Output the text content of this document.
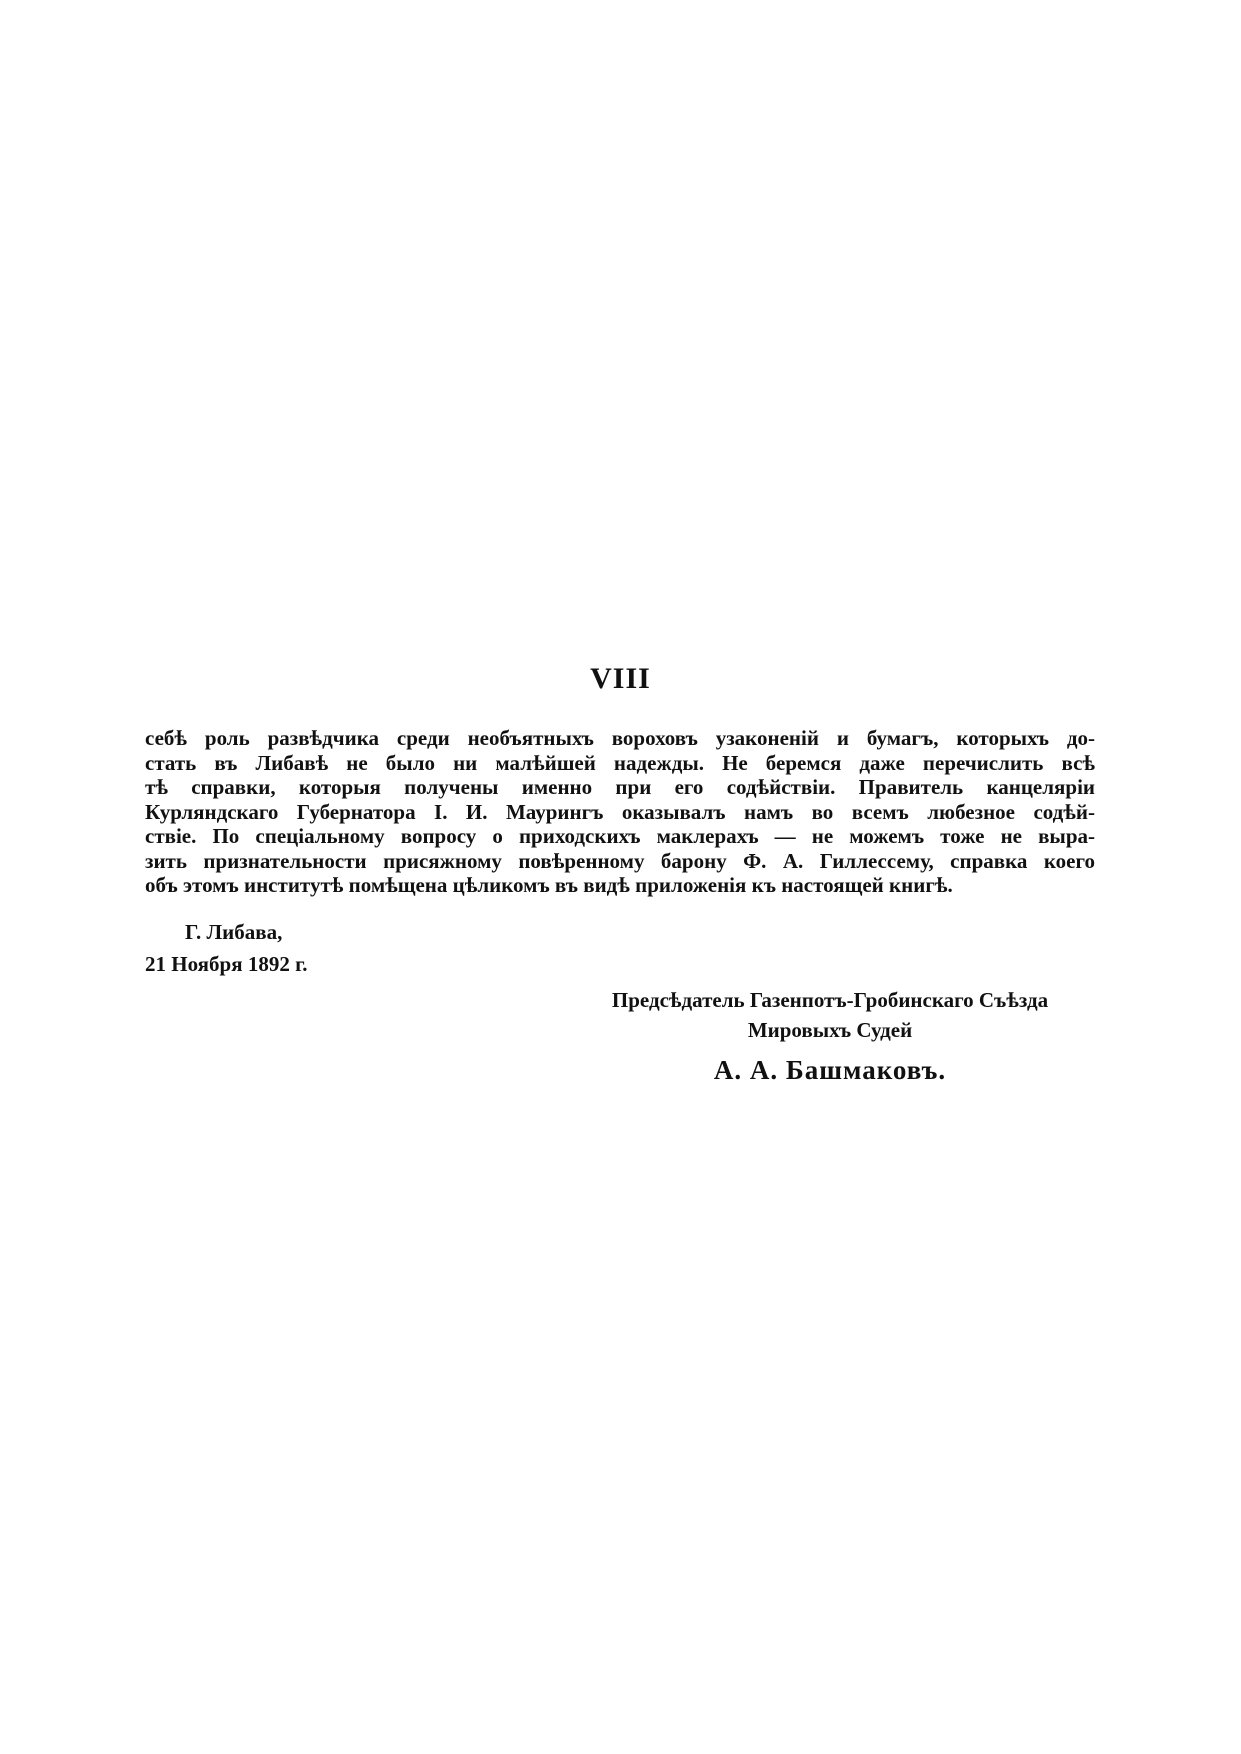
VIII
себѣ роль развѣдчика среди необъятныхъ вороховъ узаконеній и бумагъ, которыхъ до-
стать въ Либавѣ не было ни малѣйшей надежды. Не беремся даже перечислить всѣ
тѣ справки, которыя получены именно при его содѣйствіи. Правитель канцеляріи
Курляндскаго Губернатора І. И. Маурингъ оказывалъ намъ во всемъ любезное содѣй-
ствіе. По спеціальному вопросу о приходскихъ маклерахъ — не можемъ тоже не выра-
зить признательности присяжному повѣренному барону Ф. А. Гиллессему, справка коего
объ этомъ институтѣ помѣщена цѣликомъ въ видѣ приложенія къ настоящей книгѣ.
Г. Либава,
21 Ноября 1892 г.
Предсѣдатель Газенпотъ-Гробинскаго Съѣзда
Мировыхъ Судей
А. А. Башмаковъ.
